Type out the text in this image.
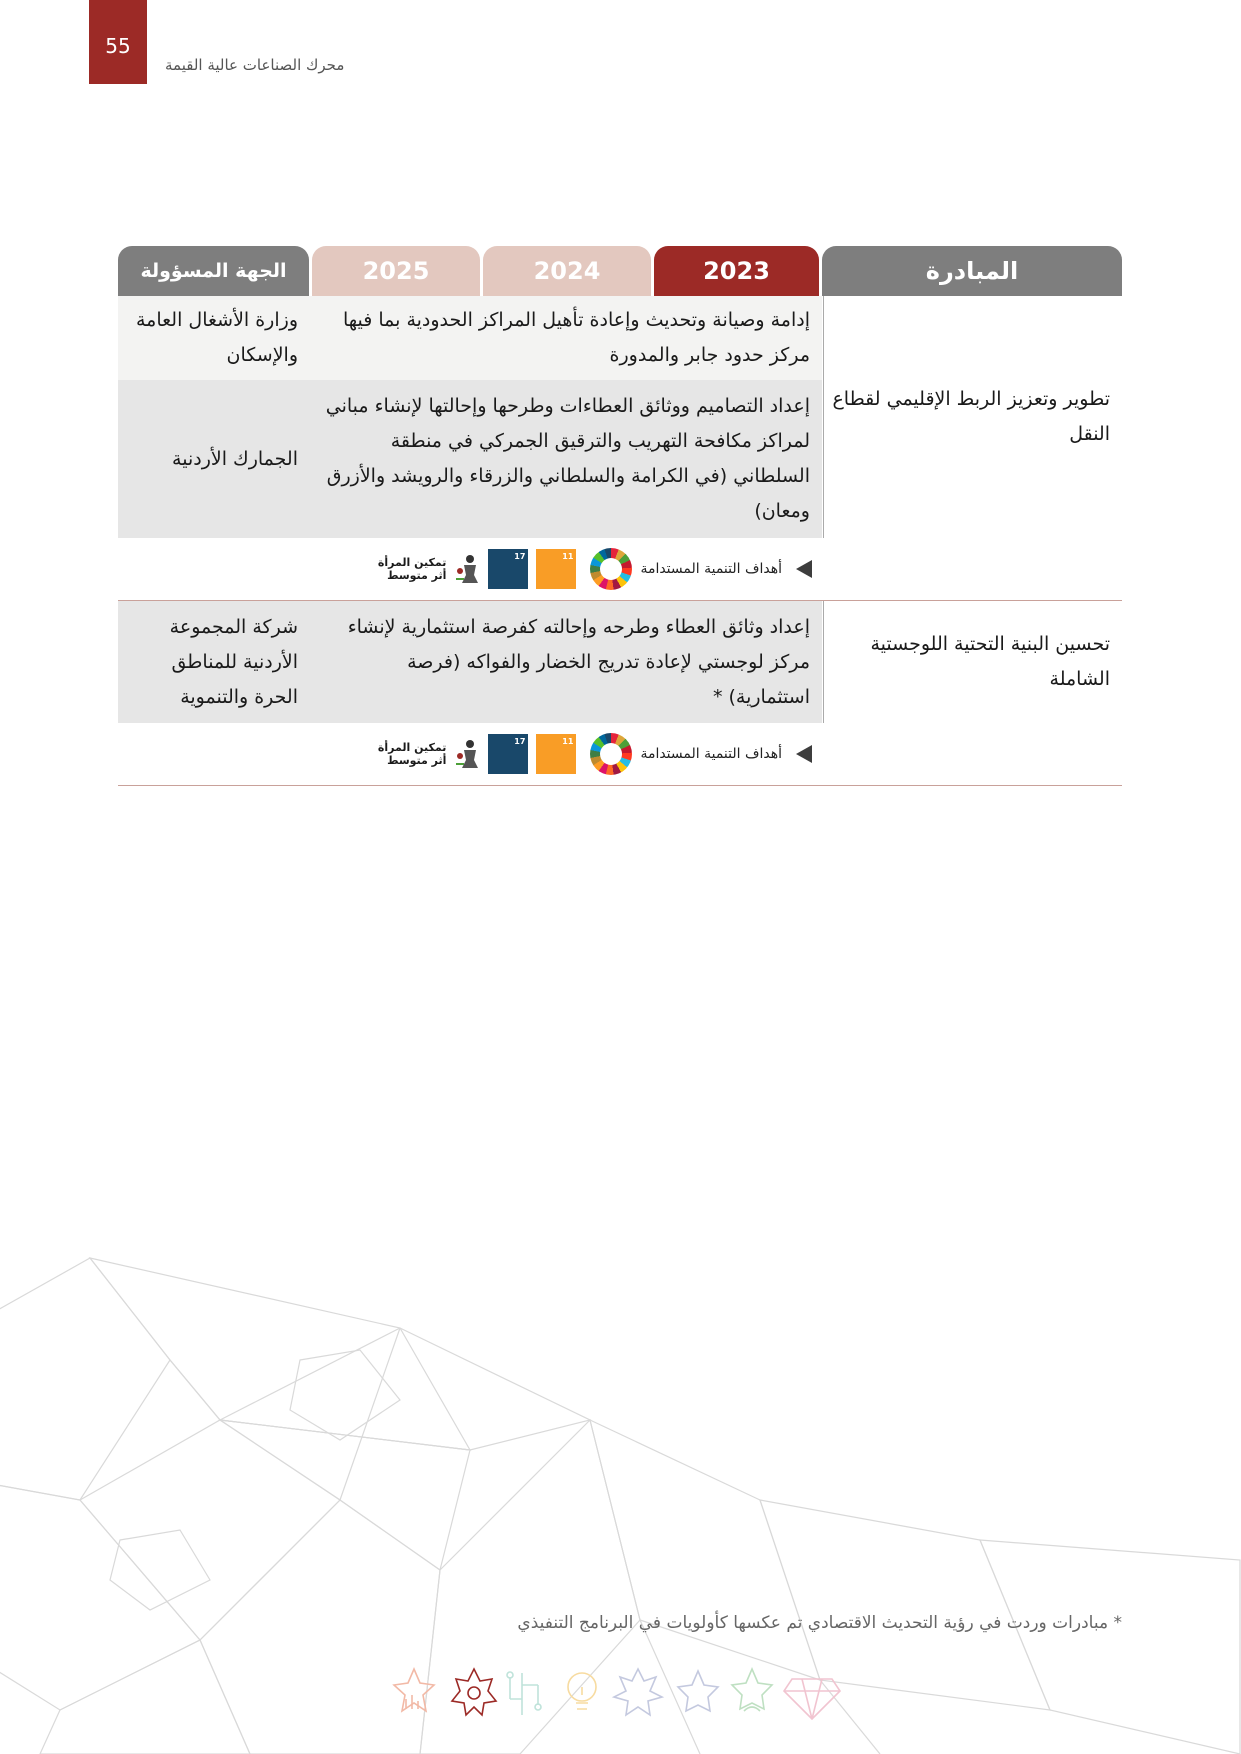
55
محرك الصناعات عالية القيمة
المبادرة
2023
2024
2025
الجهة المسؤولة
تطوير وتعزيز الربط الإقليمي لقطاع النقل
إدامة وصيانة وتحديث وإعادة تأهيل المراكز الحدودية بما فيها مركز حدود جابر والمدورة
وزارة الأشغال العامة والإسكان
إعداد التصاميم ووثائق العطاءات وطرحها وإحالتها لإنشاء مباني لمراكز مكافحة التهريب والترقيق الجمركي في منطقة السلطاني (في الكرامة والسلطاني والزرقاء والرويشد والأزرق ومعان)
الجمارك الأردنية
أهداف التنمية المستدامة
11
17
تمكين المرأة
أثر متوسط
تحسين البنية التحتية اللوجستية الشاملة
إعداد وثائق العطاء وطرحه وإحالته كفرصة استثمارية لإنشاء مركز لوجستي لإعادة تدريج الخضار والفواكه (فرصة استثمارية) *
شركة المجموعة الأردنية للمناطق الحرة والتنموية
أهداف التنمية المستدامة
11
17
تمكين المرأة
أثر متوسط
* مبادرات وردت في رؤية التحديث الاقتصادي تم عكسها كأولويات في البرنامج التنفيذي
